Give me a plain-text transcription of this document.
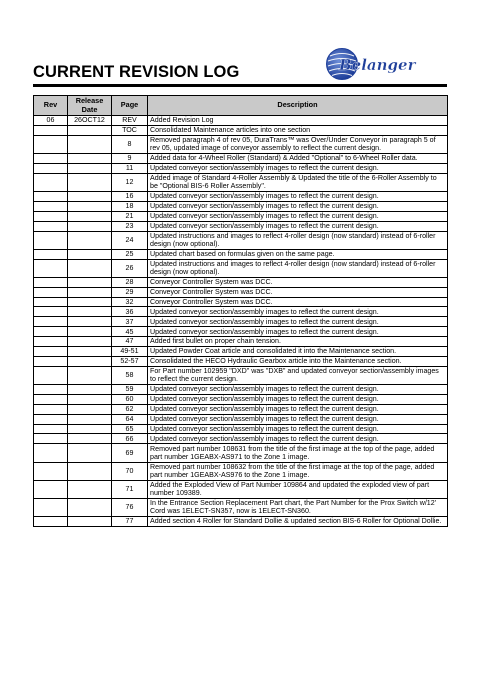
CURRENT REVISION LOG	Belanger
Rev	Release Date	Page	Description
06	26OCT12	REV	Added Revision Log
		TOC	Consolidated Maintenance articles into one section
		8	Removed paragraph 4 of rev 05, DuraTrans™ was Over/Under Conveyor in paragraph 5 of rev 05, updated image of conveyor assembly to reflect the current design.
		9	Added data for 4-Wheel Roller (Standard) & Added "Optional" to 6-Wheel Roller data.
		11	Updated conveyor section/assembly images to reflect the current design.
		12	Added image of Standard 4-Roller Assembly & Updated the title of the 6-Roller Assembly to be "Optional BIS-6 Roller Assembly".
		16	Updated conveyor section/assembly images to reflect the current design.
		18	Updated conveyor section/assembly images to reflect the current design.
		21	Updated conveyor section/assembly images to reflect the current design.
		23	Updated conveyor section/assembly images to reflect the current design.
		24	Updated instructions and images to reflect 4-roller design (now standard) instead of 6-roller design (now optional).
		25	Updated chart based on formulas given on the same page.
		26	Updated instructions and images to reflect 4-roller design (now standard) instead of 6-roller design (now optional).
		28	Conveyor Controller System was DCC.
		29	Conveyor Controller System was DCC.
		32	Conveyor Controller System was DCC.
		36	Updated conveyor section/assembly images to reflect the current design.
		37	Updated conveyor section/assembly images to reflect the current design.
		45	Updated conveyor section/assembly images to reflect the current design.
		47	Added first bullet on proper chain tension.
		49-51	Updated Powder Coat article and consolidated it into the Maintenance section.
		52-57	Consolidated the HECO Hydraulic Gearbox article into the Maintenance section.
		58	For Part number 102959 "DXD" was "DXB" and updated conveyor section/assembly images to reflect the current design.
		59	Updated conveyor section/assembly images to reflect the current design.
		60	Updated conveyor section/assembly images to reflect the current design.
		62	Updated conveyor section/assembly images to reflect the current design.
		64	Updated conveyor section/assembly images to reflect the current design.
		65	Updated conveyor section/assembly images to reflect the current design.
		66	Updated conveyor section/assembly images to reflect the current design.
		69	Removed part number 108631 from the title of the first image at the top of the page, added part number 1GEABX-AS971 to the Zone 1 image.
		70	Removed part number 108632 from the title of the first image at the top of the page, added part number 1GEABX-AS976 to the Zone 1 image.
		71	Added the Exploded View of Part Number 109864 and updated the exploded view of part number 109389.
		76	In the Entrance Section Replacement Part chart, the Part Number for the Prox Switch w/12' Cord was 1ELECT-SN357, now is 1ELECT-SN360.
		77	Added section 4 Roller for Standard Dollie & updated section BIS-6 Roller for Optional Dollie.
